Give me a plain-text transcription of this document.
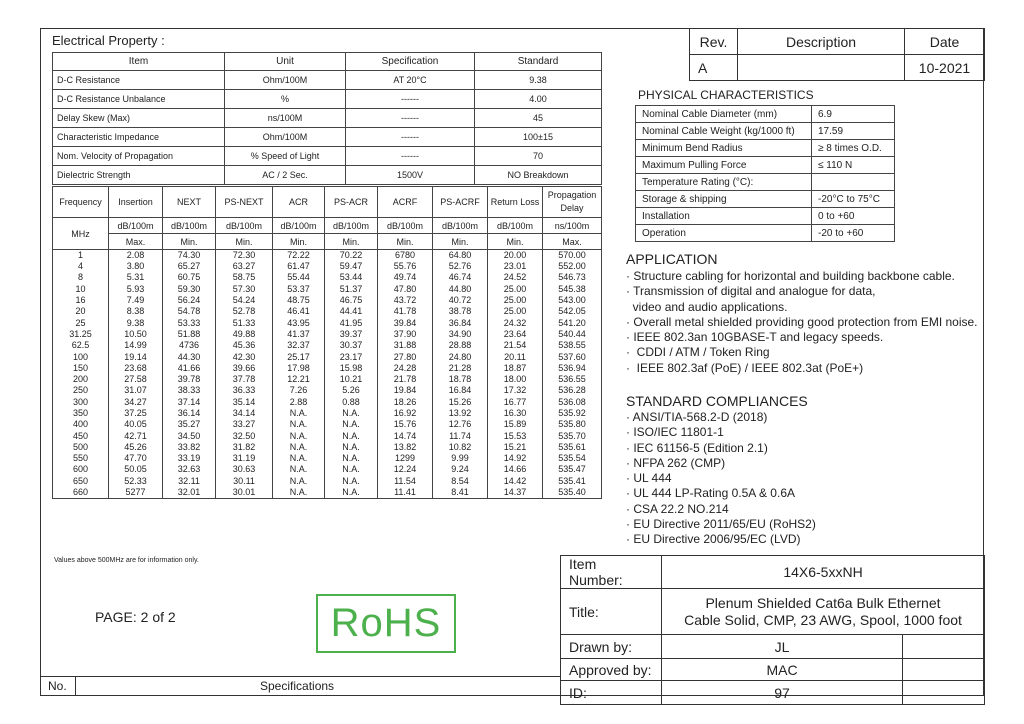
Electrical Property :
Item	Unit	Specification	Standard
D-C Resistance	Ohm/100M	AT 20°C	9.38
D-C Resistance Unbalance	%	------	4.00
Delay Skew (Max)	ns/100M	------	45
Characteristic Impedance	Ohm/100M	------	100±15
Nom. Velocity of Propagation	% Speed of Light	------	70
Dielectric Strength	AC / 2 Sec.	1500V	NO Breakdown
Frequency	Insertion	NEXT	PS-NEXT	ACR	PS-ACR	ACRF	PS-ACRF	Return Loss	Propagation Delay
MHz	dB/100m	dB/100m	dB/100m	dB/100m	dB/100m	dB/100m	dB/100m	dB/100m	ns/100m
	Max.	Min.	Min.	Min.	Min.	Min.	Min.	Min.	Max.
1	2.08	74.30	72.30	72.22	70.22	6780	64.80	20.00	570.00
4	3.80	65.27	63.27	61.47	59.47	55.76	52.76	23.01	552.00
8	5.31	60.75	58.75	55.44	53.44	49.74	46.74	24.52	546.73
10	5.93	59.30	57.30	53.37	51.37	47.80	44.80	25.00	545.38
16	7.49	56.24	54.24	48.75	46.75	43.72	40.72	25.00	543.00
20	8.38	54.78	52.78	46.41	44.41	41.78	38.78	25.00	542.05
25	9.38	53.33	51.33	43.95	41.95	39.84	36.84	24.32	541.20
31.25	10.50	51.88	49.88	41.37	39.37	37.90	34.90	23.64	540.44
62.5	14.99	4736	45.36	32.37	30.37	31.88	28.88	21.54	538.55
100	19.14	44.30	42.30	25.17	23.17	27.80	24.80	20.11	537.60
150	23.68	41.66	39.66	17.98	15.98	24.28	21.28	18.87	536.94
200	27.58	39.78	37.78	12.21	10.21	21.78	18.78	18.00	536.55
250	31.07	38.33	36.33	7.26	5.26	19.84	16.84	17.32	536.28
300	34.27	37.14	35.14	2.88	0.88	18.26	15.26	16.77	536.08
350	37.25	36.14	34.14	N.A.	N.A.	16.92	13.92	16.30	535.92
400	40.05	35.27	33.27	N.A.	N.A.	15.76	12.76	15.89	535.80
450	42.71	34.50	32.50	N.A.	N.A.	14.74	11.74	15.53	535.70
500	45.26	33.82	31.82	N.A.	N.A.	13.82	10.82	15.21	535.61
550	47.70	33.19	31.19	N.A.	N.A.	1299	9.99	14.92	535.54
600	50.05	32.63	30.63	N.A.	N.A.	12.24	9.24	14.66	535.47
650	52.33	32.11	30.11	N.A.	N.A.	11.54	8.54	14.42	535.41
660	5277	32.01	30.01	N.A.	N.A.	11.41	8.41	14.37	535.40
Values above 500MHz are for information only.
PAGE: 2 of 2	RoHS
No.	Specifications
Rev.	Description	Date
A		10-2021
PHYSICAL CHARACTERISTICS
Nominal Cable Diameter (mm)	6.9
Nominal Cable Weight (kg/1000 ft)	17.59
Minimum Bend Radius	≥ 8 times O.D.
Maximum Pulling Force	≤ 110 N
Temperature Rating (°C):	
Storage & shipping	-20°C to 75°C
Installation	0 to +60
Operation	-20 to +60
APPLICATION
· Structure cabling for horizontal and building backbone cable.
· Transmission of digital and analogue for data,
video and audio applications.
· Overall metal shielded providing good protection from EMI noise.
· IEEE 802.3an 10GBASE-T and legacy speeds.
·  CDDI / ATM / Token Ring
·  IEEE 802.3af (PoE) / IEEE 802.3at (PoE+)
STANDARD COMPLIANCES
· ANSI/TIA-568.2-D (2018)
· ISO/IEC 11801-1
· IEC 61156-5 (Edition 2.1)
· NFPA 262 (CMP)
· UL 444
· UL 444 LP-Rating 0.5A & 0.6A
· CSA 22.2 NO.214
· EU Directive 2011/65/EU (RoHS2)
· EU Directive 2006/95/EC (LVD)
Item Number:	14X6-5xxNH	
Title:	Plenum Shielded Cat6a Bulk Ethernet
Cable Solid, CMP, 23 AWG, Spool, 1000 foot	

Drawn by:	JL	
Approved by:	MAC	
ID:	97	
